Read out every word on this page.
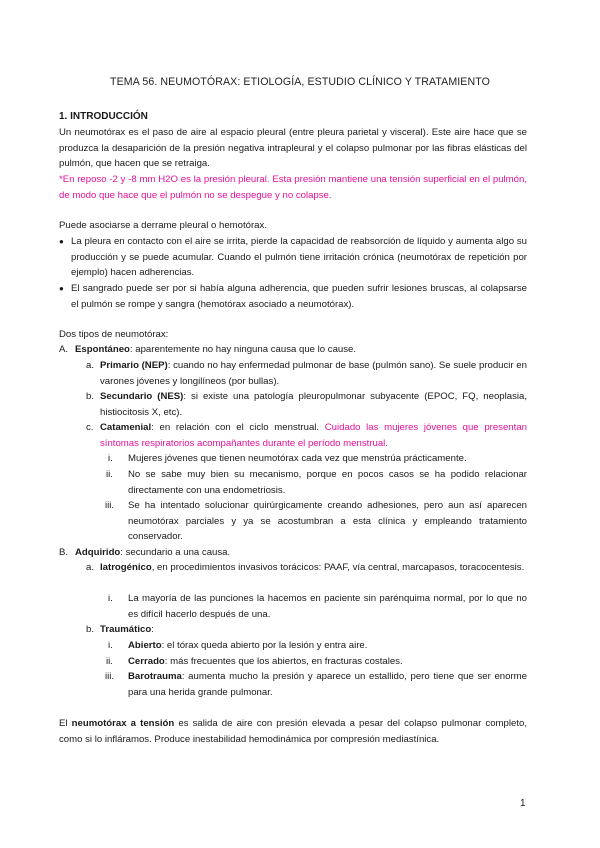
TEMA 56. NEUMOTÓRAX: ETIOLOGÍA, ESTUDIO CLÍNICO Y TRATAMIENTO
1. INTRODUCCIÓN

Un neumotórax es el paso de aire al espacio pleural (entre pleura parietal y visceral). Este aire hace que se produzca la desaparición de la presión negativa intrapleural y el colapso pulmonar por las fibras elásticas del pulmón, que hacen que se retraiga.

*En reposo -2 y -8 mm H2O es la presión pleural. Esta presión mantiene una tensión superficial en el pulmón, de modo que hace que el pulmón no se despegue y no colapse.

Puede asociarse a derrame pleural o hemotórax.
● La pleura en contacto con el aire se irrita, pierde la capacidad de reabsorción de líquido y aumenta algo su producción y se puede acumular. Cuando el pulmón tiene irritación crónica (neumotórax de repetición por ejemplo) hacen adherencias.
● El sangrado puede ser por si había alguna adherencia, que pueden sufrir lesiones bruscas, al colapsarse el pulmón se rompe y sangra (hemotórax asociado a neumotórax).
Dos tipos de neumotórax:
A. Espontáneo: aparentemente no hay ninguna causa que lo cause.
a. Primario (NEP): cuando no hay enfermedad pulmonar de base (pulmón sano). Se suele producir en varones jóvenes y longilíneos (por bullas).
b. Secundario (NES): si existe una patología pleuropulmonar subyacente (EPOC, FQ, neoplasia, histiocitosis X, etc).
c. Catamenial: en relación con el ciclo menstrual. Cuidado las mujeres jóvenes que presentan síntomas respiratorios acompañantes durante el período menstrual.
i. Mujeres jóvenes que tienen neumotórax cada vez que menstrúa prácticamente.
ii. No se sabe muy bien su mecanismo, porque en pocos casos se ha podido relacionar directamente con una endometriosis.
iii. Se ha intentado solucionar quirúrgicamente creando adhesiones, pero aun así aparecen neumotórax parciales y ya se acostumbran a esta clínica y empleando tratamiento conservador.
B. Adquirido: secundario a una causa.
a. Iatrogénico, en procedimientos invasivos torácicos: PAAF, vía central, marcapasos, toracocentesis.
i. La mayoría de las punciones la hacemos en paciente sin parénquima normal, por lo que no es difícil hacerlo después de una.
b. Traumático:
i. Abierto: el tórax queda abierto por la lesión y entra aire.
ii. Cerrado: más frecuentes que los abiertos, en fracturas costales.
iii. Barotrauma: aumenta mucho la presión y aparece un estallido, pero tiene que ser enorme para una herida grande pulmonar.

El neumotórax a tensión es salida de aire con presión elevada a pesar del colapso pulmonar completo, como si lo infláramos. Produce inestabilidad hemodinámica por compresión mediastínica.

1
